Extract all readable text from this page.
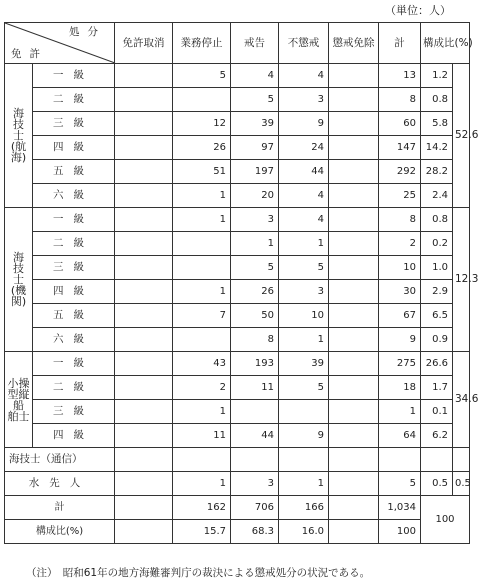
（単位：人）
処分
免許		免許取消	業務停止	戒告	不懲戒	懲戒免除	計	構成比(%)	

海
技
士
(航
海)	一級		5	4	4		13	1.2	52.6
	二級			5	3		8	0.8	
	三級		12	39	9		60	5.8	
	四級		26	97	24		147	14.2	
	五級		51	197	44		292	28.2	
	六級		1	20	4		25	2.4	

海
技
士
(機
関)	一級		1	3	4		8	0.8	12.3
	二級			1	1		2	0.2	
	三級			5	5		10	1.0	
	四級		1	26	3		30	2.9	
	五級		7	50	10		67	6.5	
	六級			8	1		9	0.9	

小操
型縦
船
舶士	一級		43	193	39		275	26.6	34.6
	二級		2	11	5		18	1.7	
	三級		1				1	0.1	
	四級		11	44	9		64	6.2	
海技士（通信）									
水先人			1	3	1		5	0.5	0.5
計			162	706	166		1,034	100	
構成比(%)			15.7	68.3	16.0		100		
（注）　昭和61年の地方海難審判庁の裁決による懲戒処分の状況である。
